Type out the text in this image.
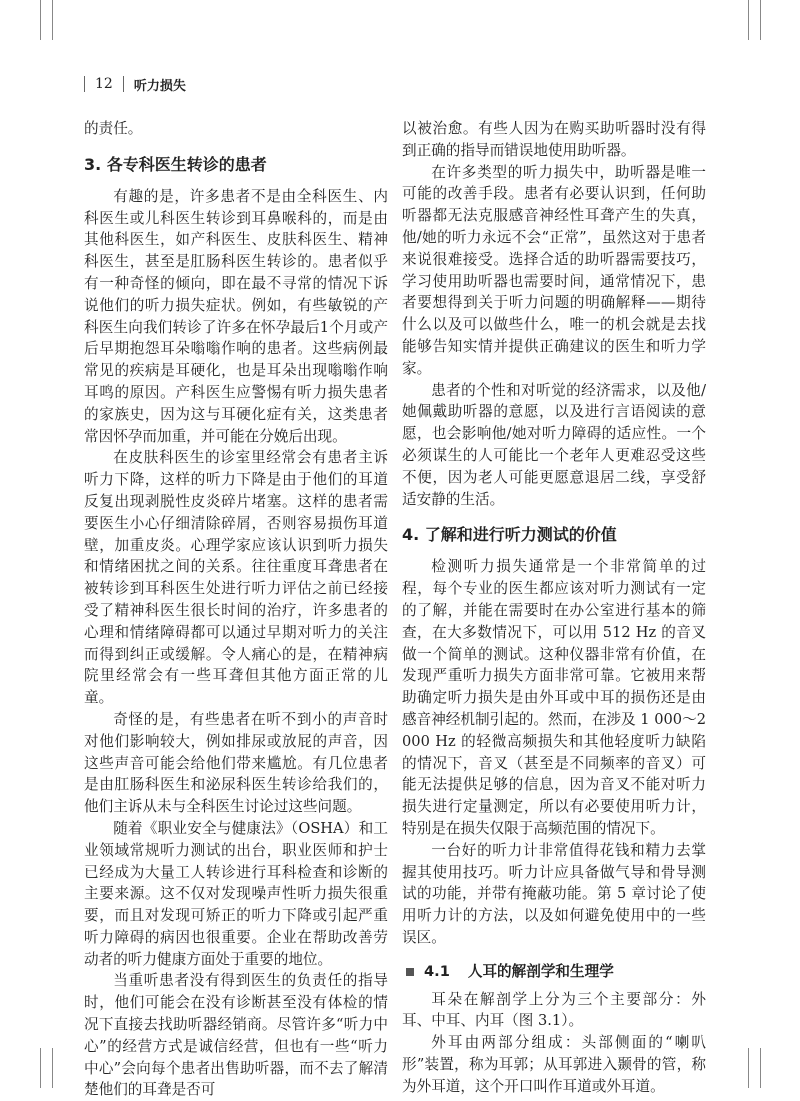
12 听力损失

的责任。

3. 各专科医生转诊的患者

有趣的是，许多患者不是由全科医生、内科医生或儿科医生转诊到耳鼻喉科的，而是由其他科医生，如产科医生、皮肤科医生、精神科医生，甚至是肛肠科医生转诊的。患者似乎有一种奇怪的倾向，即在最不寻常的情况下诉说他们的听力损失症状。例如，有些敏锐的产科医生向我们转诊了许多在怀孕最后1个月或产后早期抱怨耳朵嗡嗡作响的患者。这些病例最常见的疾病是耳硬化，也是耳朵出现嗡嗡作响耳鸣的原因。产科医生应警惕有听力损失患者的家族史，因为这与耳硬化症有关，这类患者常因怀孕而加重，并可能在分娩后出现。

在皮肤科医生的诊室里经常会有患者主诉听力下降，这样的听力下降是由于他们的耳道反复出现剥脱性皮炎碎片堵塞。这样的患者需要医生小心仔细清除碎屑，否则容易损伤耳道壁，加重皮炎。心理学家应该认识到听力损失和情绪困扰之间的关系。往往重度耳聋患者在被转诊到耳科医生处进行听力评估之前已经接受了精神科医生很长时间的治疗，许多患者的心理和情绪障碍都可以通过早期对听力的关注而得到纠正或缓解。令人痛心的是，在精神病院里经常会有一些耳聋但其他方面正常的儿童。

奇怪的是，有些患者在听不到小的声音时对他们影响较大，例如排尿或放屁的声音，因这些声音可能会给他们带来尴尬。有几位患者是由肛肠科医生和泌尿科医生转诊给我们的，他们主诉从未与全科医生讨论过这些问题。

随着《职业安全与健康法》（OSHA）和工业领域常规听力测试的出台，职业医师和护士已经成为大量工人转诊进行耳科检查和诊断的主要来源。这不仅对发现噪声性听力损失很重要，而且对发现可矫正的听力下降或引起严重听力障碍的病因也很重要。企业在帮助改善劳动者的听力健康方面处于重要的地位。

当重听患者没有得到医生的负责任的指导时，他们可能会在没有诊断甚至没有体检的情况下直接去找助听器经销商。尽管许多“听力中心”的经营方式是诚信经营，但也有一些“听力中心”会向每个患者出售助听器，而不去了解清楚他们的耳聋是否可

以被治愈。有些人因为在购买助听器时没有得到正确的指导而错误地使用助听器。

在许多类型的听力损失中，助听器是唯一可能的改善手段。患者有必要认识到，任何助听器都无法克服感音神经性耳聋产生的失真，他/她的听力永远不会“正常”，虽然这对于患者来说很难接受。选择合适的助听器需要技巧，学习使用助听器也需要时间，通常情况下，患者要想得到关于听力问题的明确解释——期待什么以及可以做些什么，唯一的机会就是去找能够告知实情并提供正确建议的医生和听力学家。

患者的个性和对听觉的经济需求，以及他/她佩戴助听器的意愿，以及进行言语阅读的意愿，也会影响他/她对听力障碍的适应性。一个必须谋生的人可能比一个老年人更难忍受这些不便，因为老人可能更愿意退居二线，享受舒适安静的生活。

4. 了解和进行听力测试的价值

检测听力损失通常是一个非常简单的过程，每个专业的医生都应该对听力测试有一定的了解，并能在需要时在办公室进行基本的筛查，在大多数情况下，可以用 512 Hz 的音叉做一个简单的测试。这种仪器非常有价值，在发现严重听力损失方面非常可靠。它被用来帮助确定听力损失是由外耳或中耳的损伤还是由感音神经机制引起的。然而，在涉及 1 000～2 000 Hz 的轻微高频损失和其他轻度听力缺陷的情况下，音叉（甚至是不同频率的音叉）可能无法提供足够的信息，因为音叉不能对听力损失进行定量测定，所以有必要使用听力计，特别是在损失仅限于高频范围的情况下。

一台好的听力计非常值得花钱和精力去掌握其使用技巧。听力计应具备做气导和骨导测试的功能，并带有掩蔽功能。第 5 章讨论了使用听力计的方法，以及如何避免使用中的一些误区。

4.1 人耳的解剖学和生理学

耳朵在解剖学上分为三个主要部分：外耳、中耳、内耳（图 3.1）。

外耳由两部分组成：头部侧面的“喇叭形”装置，称为耳郭；从耳郭进入颞骨的管，称为外耳道，这个开口叫作耳道或外耳道。
